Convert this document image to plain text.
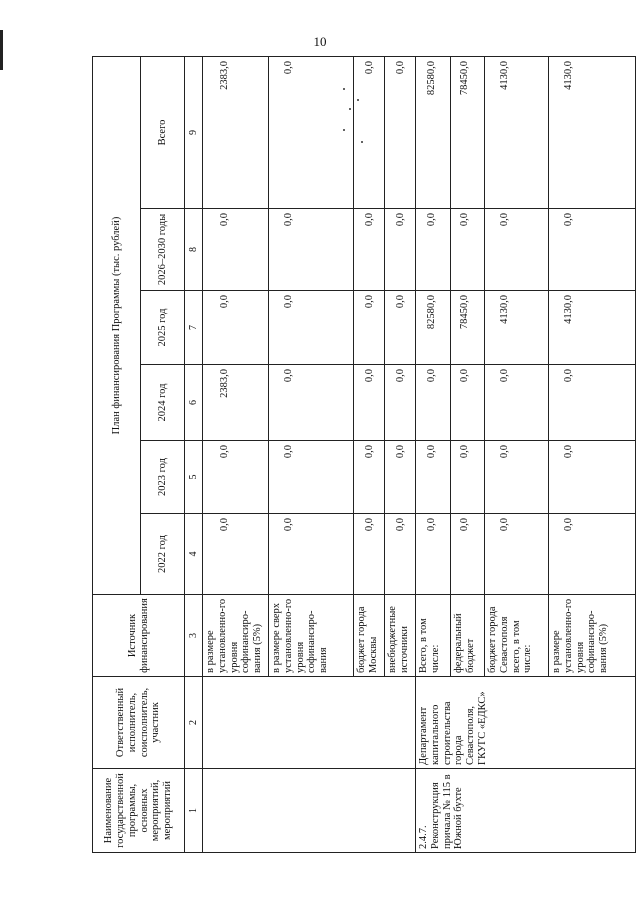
10
Наименование государственной программы, основных мероприятий, мероприятий	Ответственный исполнитель, соисполнитель, участник	Источник финансирования	План финансирования Программы (тыс. рублей)					
			2022 год	2023 год	2024 год	2025 год	2026–2030 годы	Всего
1	2	3	4	5	6	7	8	9
		в размере установленно-го уровня софинансиро-вания (5%)	0,0	0,0	2383,0	0,0	0,0	2383,0
		в размере сверх установленно-го уровня софинансиро-вания	0,0	0,0	0,0	0,0	0,0	0,0
		бюджет города Москвы	0,0	0,0	0,0	0,0	0,0	0,0
		внебюджетные источники	0,0	0,0	0,0	0,0	0,0	0,0
2.4.7. Реконструкция причала № 115 в Южной бухте	Департамент капитального строительства города Севастополя, ГКУГС «ЕДКС»	Всего, в том числе:	0,0	0,0	0,0	82580,0	0,0	82580,0
		федеральный бюджет	0,0	0,0	0,0	78450,0	0,0	78450,0
		бюджет города Севастополя всего, в том числе:	0,0	0,0	0,0	4130,0	0,0	4130,0
		в размере установленно-го уровня софинансиро-вания (5%)	0,0	0,0	0,0	4130,0	0,0	4130,0
